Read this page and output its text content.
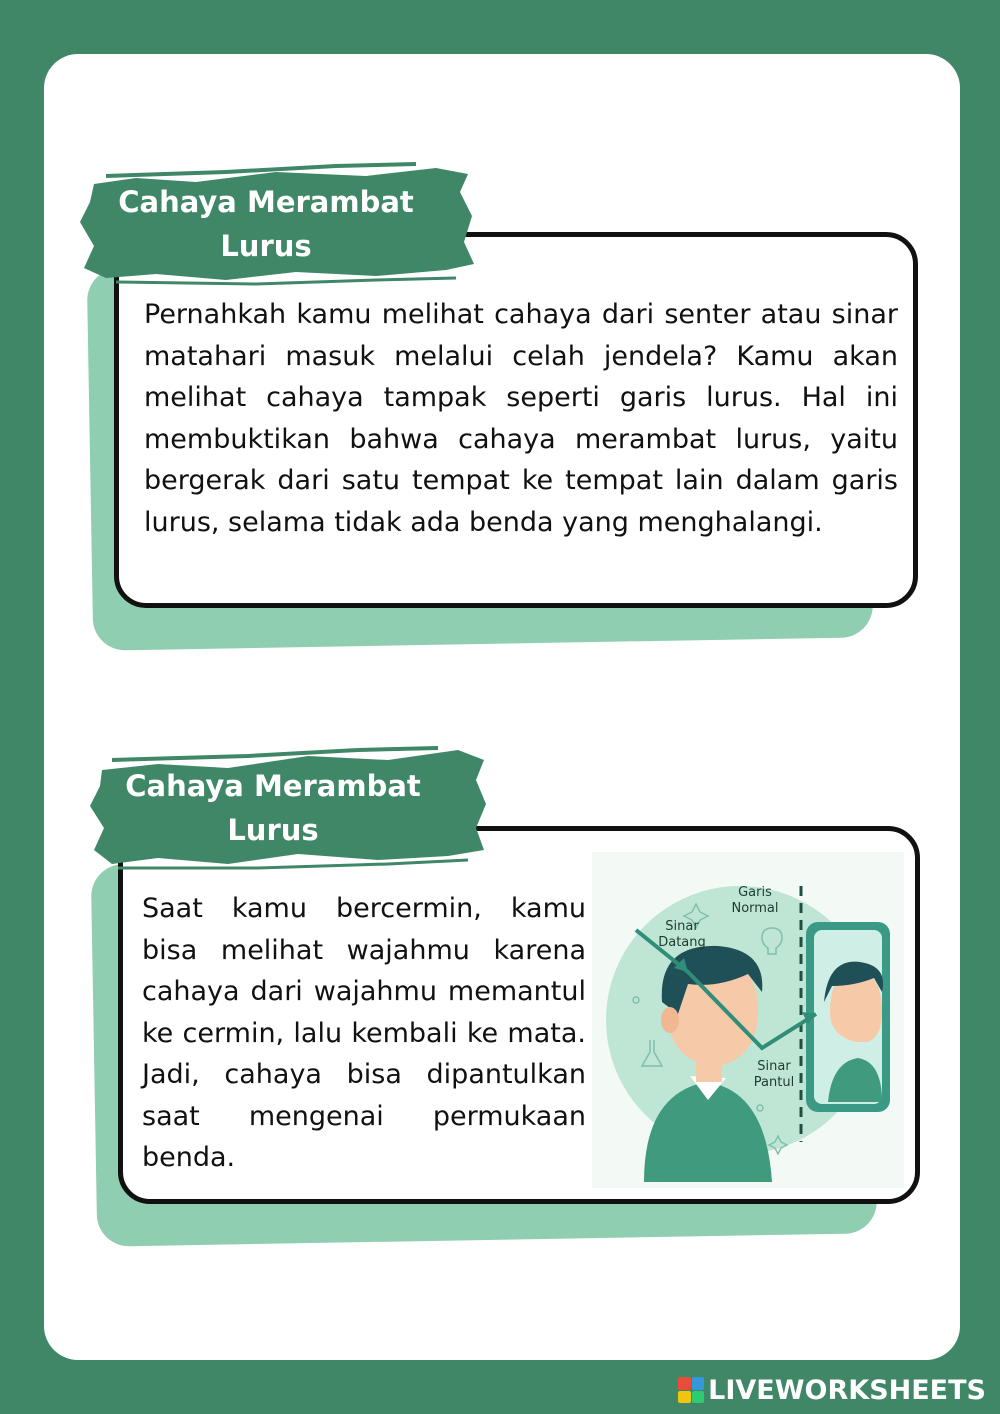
Pernahkah kamu melihat cahaya dari senter atau sinar matahari masuk melalui celah jendela? Kamu akan melihat cahaya tampak seperti garis lurus. Hal ini membuktikan bahwa cahaya merambat lurus, yaitu bergerak dari satu tempat ke tempat lain dalam garis lurus, selama tidak ada benda yang menghalangi.
Cahaya Merambat Lurus
Saat kamu bercermin, kamu bisa melihat wajahmu karena cahaya dari wajahmu memantul ke cermin, lalu kembali ke mata. Jadi, cahaya bisa dipantulkan saat mengenai permukaan benda.
Garis
Normal
Sinar
Datang
Sinar
Pantul
Cahaya Merambat Lurus
LIVEWORKSHEETS
